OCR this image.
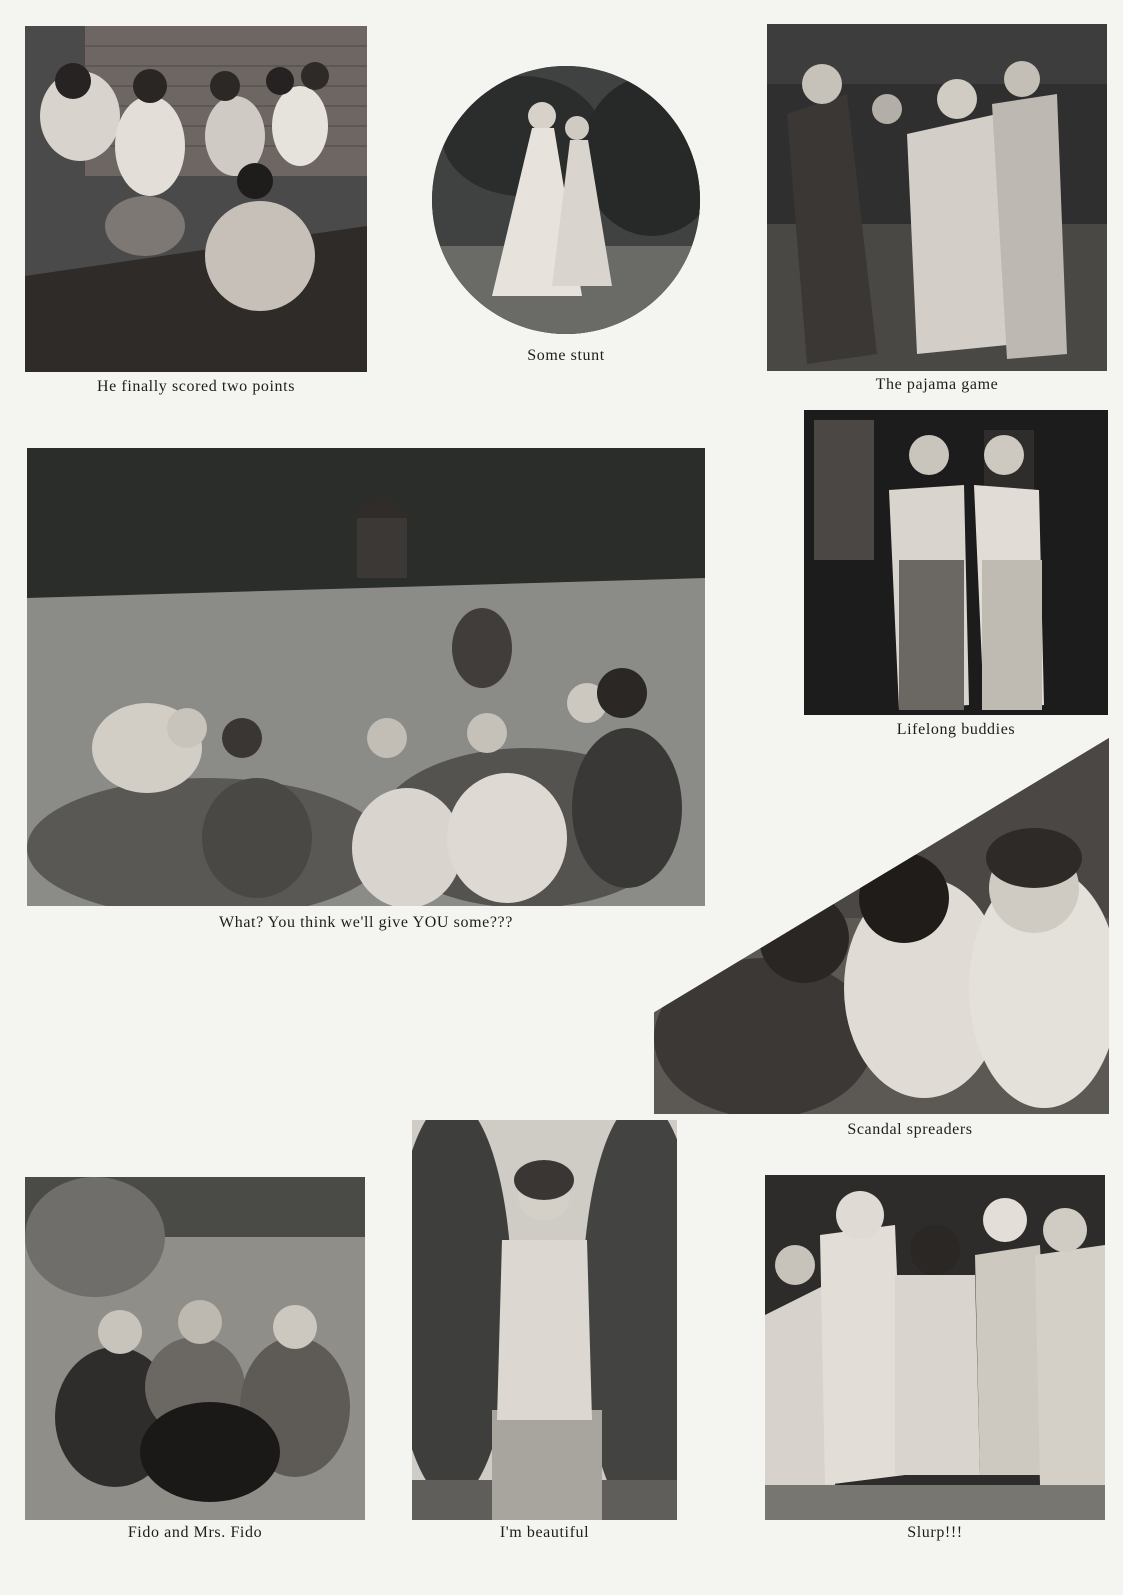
He finally scored two points
Some stunt
The pajama game
Lifelong buddies
What? You think we'll give YOU some???
Scandal spreaders
Fido and Mrs. Fido	I'm beautiful	Slurp!!!
